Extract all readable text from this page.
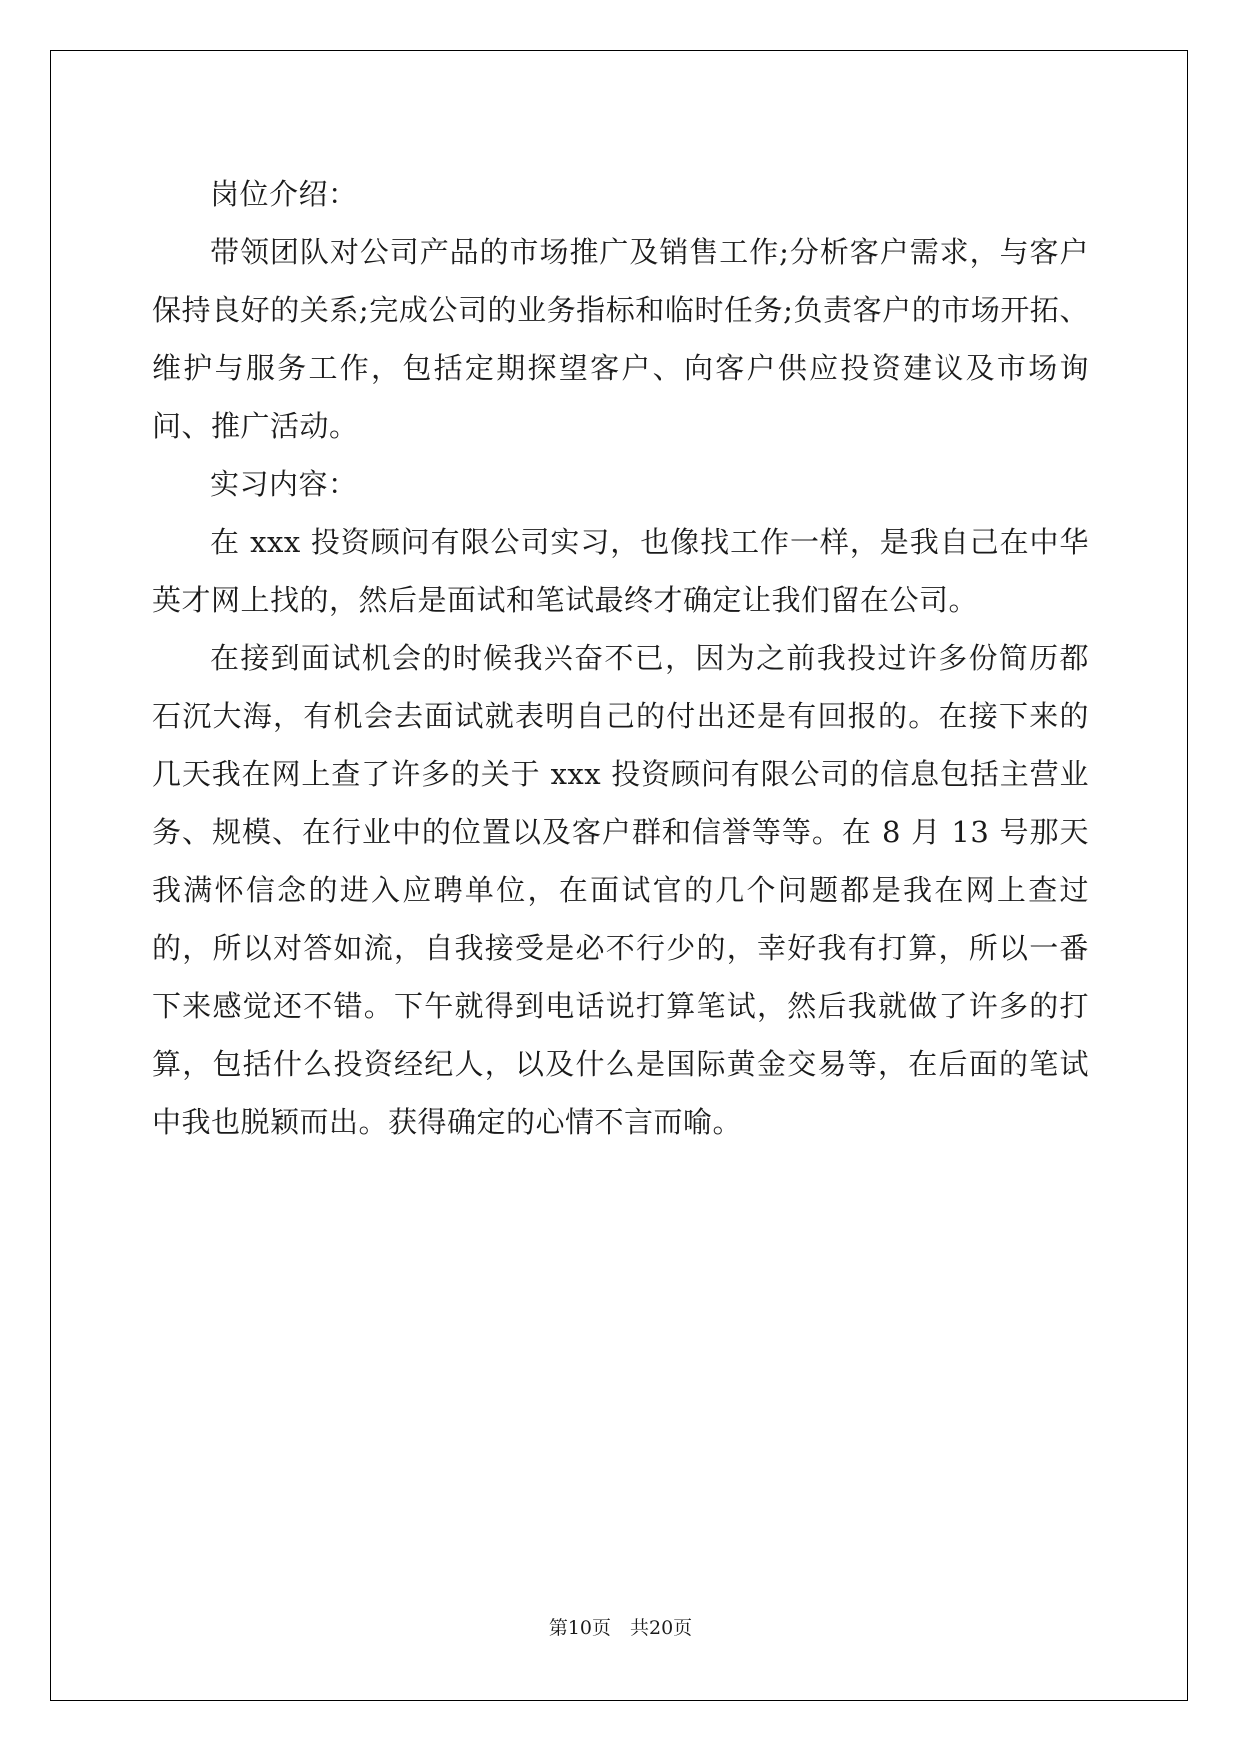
岗位介绍：

带领团队对公司产品的市场推广及销售工作;分析客户需求，与客户保持良好的关系;完成公司的业务指标和临时任务;负责客户的市场开拓、维护与服务工作，包括定期探望客户、向客户供应投资建议及市场询问、推广活动。

实习内容：

在 xxx 投资顾问有限公司实习，也像找工作一样，是我自己在中华英才网上找的，然后是面试和笔试最终才确定让我们留在公司。

在接到面试机会的时候我兴奋不已，因为之前我投过许多份简历都石沉大海，有机会去面试就表明自己的付出还是有回报的。在接下来的几天我在网上查了许多的关于 xxx 投资顾问有限公司的信息包括主营业务、规模、在行业中的位置以及客户群和信誉等等。在 8 月 13 号那天我满怀信念的进入应聘单位，在面试官的几个问题都是我在网上查过的，所以对答如流，自我接受是必不行少的，幸好我有打算，所以一番下来感觉还不错。下午就得到电话说打算笔试，然后我就做了许多的打算，包括什么投资经纪人，以及什么是国际黄金交易等，在后面的笔试中我也脱颖而出。获得确定的心情不言而喻。

第10页　共20页
